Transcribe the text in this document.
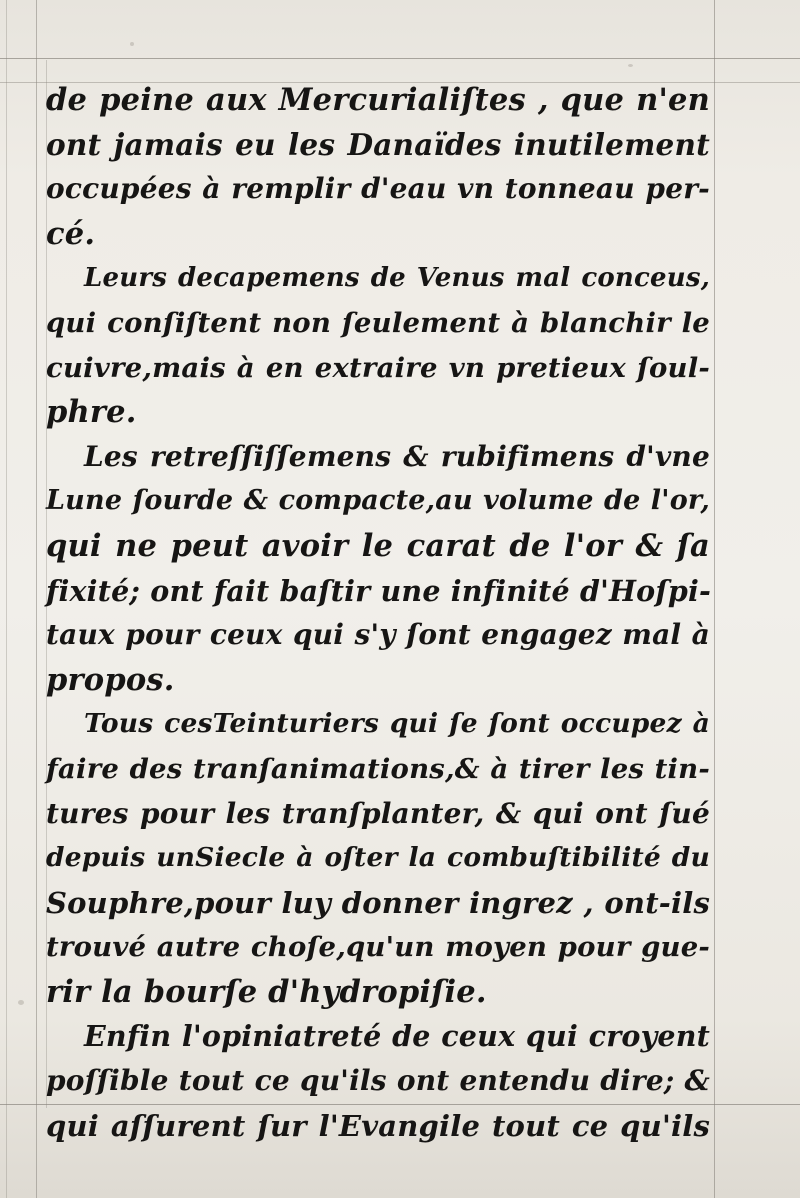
de peine aux Mercurialiſtes , que n'en
ont jamais eu les Danaïdes inutilement
occupées à remplir d'eau vn tonneau per-
cé.
Leurs decapemens de Venus mal conceus,
qui conſiſtent non ſeulement à blanchir le
cuivre,mais à en extraire vn pretieux ſoul-
phre.
Les retreſſiſſemens & rubifimens d'vne
Lune ſourde & compacte,au volume de l'or,
qui ne peut avoir le carat de l'or & ſa
fixité; ont fait baſtir une infinité d'Hoſpi-
taux pour ceux qui s'y ſont engagez mal à
propos.
Tous cesTeinturiers qui ſe ſont occupez à
faire des tranſanimations,& à tirer les tin-
tures pour les tranſplanter, & qui ont ſué
depuis unSiecle à oſter la combuſtibilité du
Souphre,pour luy donner ingrez , ont-ils
trouvé autre choſe,qu'un moyen pour gue-
rir la bourſe d'hydropiſie.
Enfin l'opiniatreté de ceux qui croyent
poſſible tout ce qu'ils ont entendu dire; &
qui aſſurent ſur l'Evangile tout ce qu'ils
